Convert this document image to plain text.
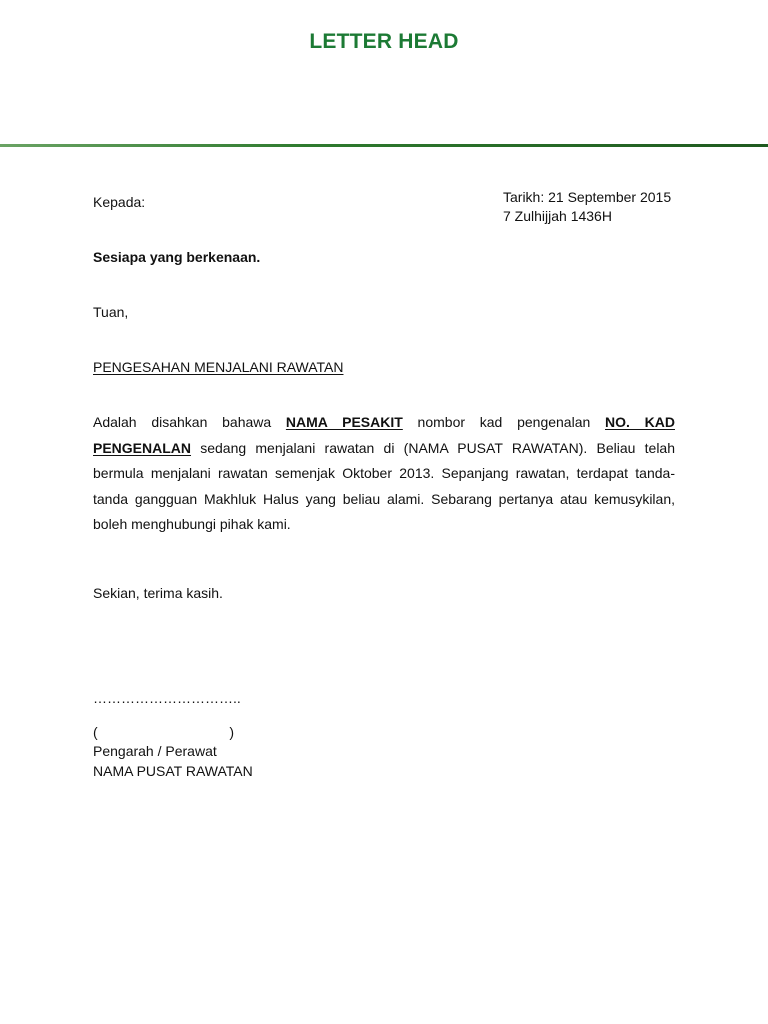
LETTER HEAD
Kepada:	Tarikh: 21 September 2015
7 Zulhijjah 1436H
Sesiapa yang berkenaan.
Tuan,
PENGESAHAN MENJALANI RAWATAN
Adalah disahkan bahawa NAMA PESAKIT nombor kad pengenalan NO. KAD PENGENALAN sedang menjalani rawatan di (NAMA PUSAT RAWATAN). Beliau telah bermula menjalani rawatan semenjak Oktober 2013. Sepanjang rawatan, terdapat tanda-tanda gangguan Makhluk Halus yang beliau alami. Sebarang pertanya atau kemusykilan, boleh menghubungi pihak kami.
Sekian, terima kasih.
…………………………..
(	)
Pengarah / Perawat
NAMA PUSAT RAWATAN
